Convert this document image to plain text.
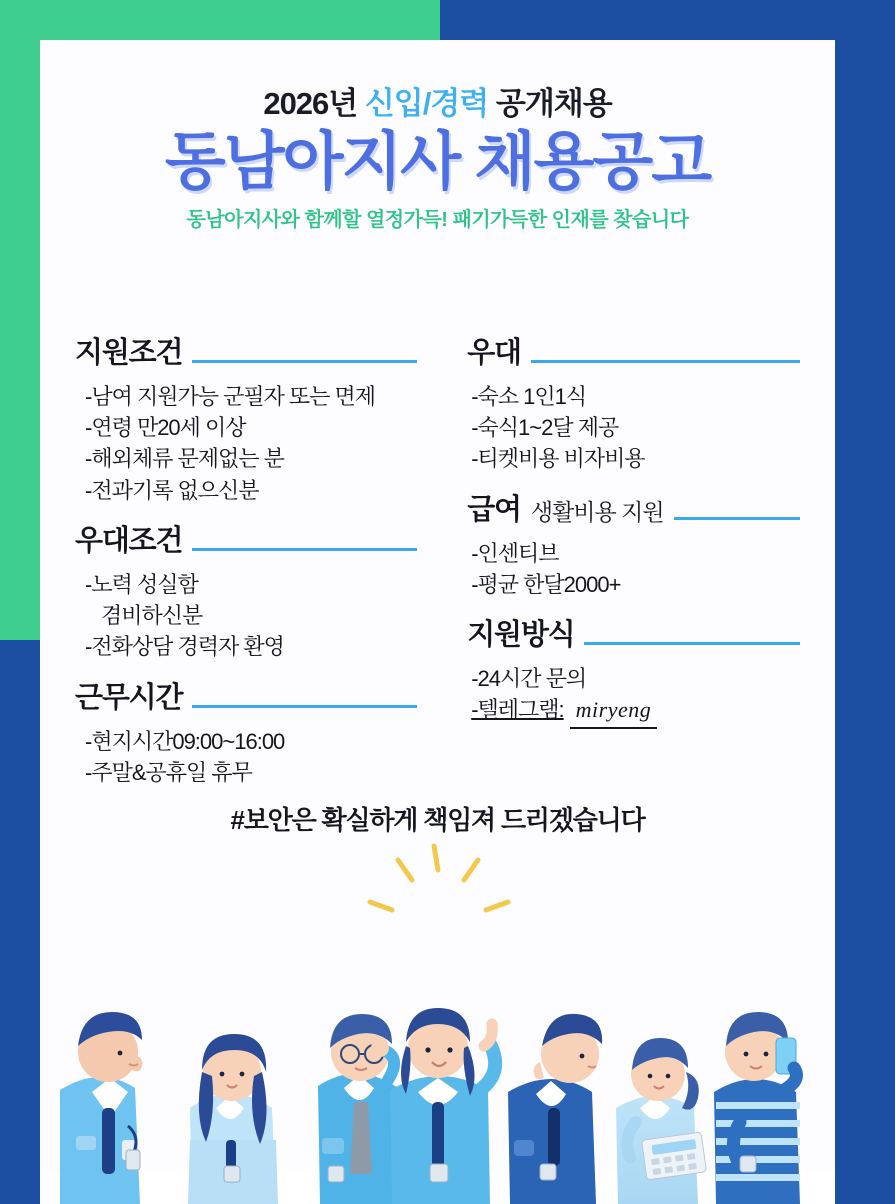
2026년 신입/경력 공개채용
동남아지사 채용공고
동남아지사와 함께할 열정가득! 패기가득한 인재를 찾습니다
지원조건
-남여 지원가능 군필자 또는 면제
-연령 만20세 이상
-해외체류 문제없는 분
-전과기록 없으신분
우대조건
-노력 성실함
겸비하신분
-전화상담 경력자 환영
근무시간
-현지시간09:00~16:00
-주말&공휴일 휴무
우대
-숙소 1인1식
-숙식1~2달 제공
-티켓비용 비자비용
급여 생활비용 지원
-인센티브
-평균 한달2000+
지원방식
-24시간 문의
-텔레그램: miryeng
#보안은 확실하게 책임져 드리겠습니다
